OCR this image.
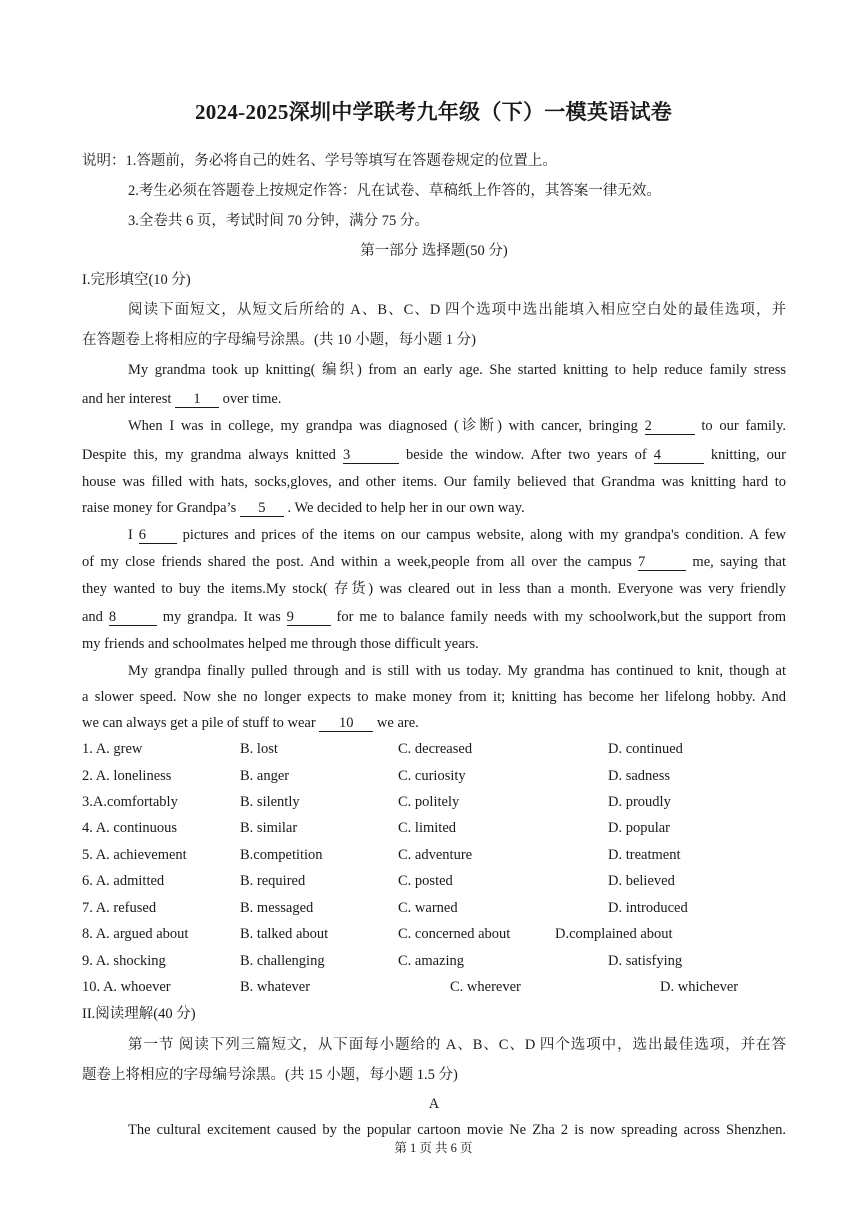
2024-2025深圳中学联考九年级（下）一模英语试卷
说明：1.答题前，务必将自己的姓名、学号等填写在答题卷规定的位置上。
2.考生必须在答题卷上按规定作答：凡在试卷、草稿纸上作答的，其答案一律无效。
3.全卷共 6 页，考试时间 70 分钟，满分 75 分。
第一部分 选择题(50 分)
I.完形填空(10 分)
阅读下面短文，从短文后所给的 A、B、C、D 四个选项中选出能填入相应空白处的最佳选项，并
在答题卷上将相应的字母编号涂黑。(共 10 小题，每小题 1 分)
My grandma took up knitting( 编织) from an early age. She started knitting to help reduce family stress
and her interest 1 over time.
When I was in college, my grandpa was diagnosed (诊断) with cancer, bringing 2	to our family.
Despite this, my grandma always knitted 3	beside the window. After two years of 4	knitting, our
house was filled with hats, socks,gloves, and other items. Our family believed that Grandma was knitting hard to
raise money for Grandpa’s 5 . We decided to help her in our own way.
I 6 pictures and prices of the items on our campus website, along with my grandpa's condition. A few
of my close friends shared the post. And within a week,people from all over the campus 7	me, saying that
they wanted to buy the items.My stock( 存货) was cleared out in less than a month. Everyone was very friendly
and 8	my grandpa. It was 9	for me to balance family needs with my schoolwork,but the support from
my friends and schoolmates helped me through those difficult years.
My grandpa finally pulled through and is still with us today. My grandma has continued to knit, though at
a slower speed. Now she no longer expects to make money from it; knitting has become her lifelong hobby. And
we can always get a pile of stuff to wear 10 we are.
1. A. grew	B. lost	C. decreased	D. continued
2. A. loneliness	B. anger	C. curiosity	D. sadness
3.A.comfortably	B. silently	C. politely	D. proudly
4. A. continuous	B. similar	C. limited	D. popular
5. A. achievement	B.competition	C. adventure	D. treatment
6. A. admitted	B. required	C. posted	D. believed
7. A. refused	B. messaged	C. warned	D. introduced
8. A. argued about	B. talked about	C. concerned about	D.complained about
9. A. shocking	B. challenging	C. amazing	D. satisfying
10. A. whoever	B. whatever	C. wherever	D. whichever
II.阅读理解(40 分)
第一节 阅读下列三篇短文，从下面每小题给的 A、B、C、D 四个选项中，选出最佳选项，并在答
题卷上将相应的字母编号涂黑。(共 15 小题，每小题 1.5 分)
A
The cultural excitement caused by the popular cartoon movie Ne Zha 2 is now spreading across Shenzhen.
第 1 页 共 6 页
